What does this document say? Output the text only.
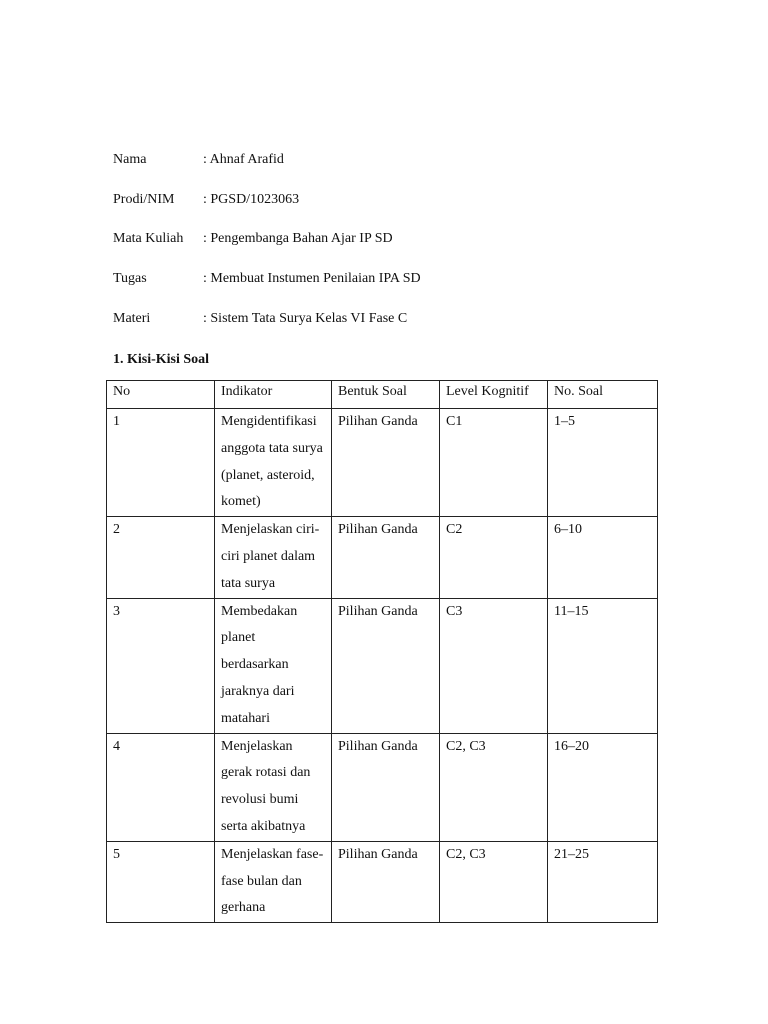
Nama	: Ahnaf Arafid
Prodi/NIM : PGSD/1023063
Mata Kuliah : Pengembanga Bahan Ajar IP SD
Tugas	: Membuat Instumen Penilaian IPA SD
Materi	: Sistem Tata Surya Kelas VI Fase C
1. Kisi-Kisi Soal
No	Indikator	Bentuk Soal	Level Kognitif	No. Soal
1	Mengidentifikasi anggota tata surya (planet, asteroid, komet)	Pilihan Ganda	C1	1–5
2	Menjelaskan ciri-ciri planet dalam tata surya	Pilihan Ganda	C2	6–10
3	Membedakan planet berdasarkan jaraknya dari matahari	Pilihan Ganda	C3	11–15
4	Menjelaskan gerak rotasi dan revolusi bumi serta akibatnya	Pilihan Ganda	C2, C3	16–20
5	Menjelaskan fase-fase bulan dan gerhana	Pilihan Ganda	C2, C3	21–25
